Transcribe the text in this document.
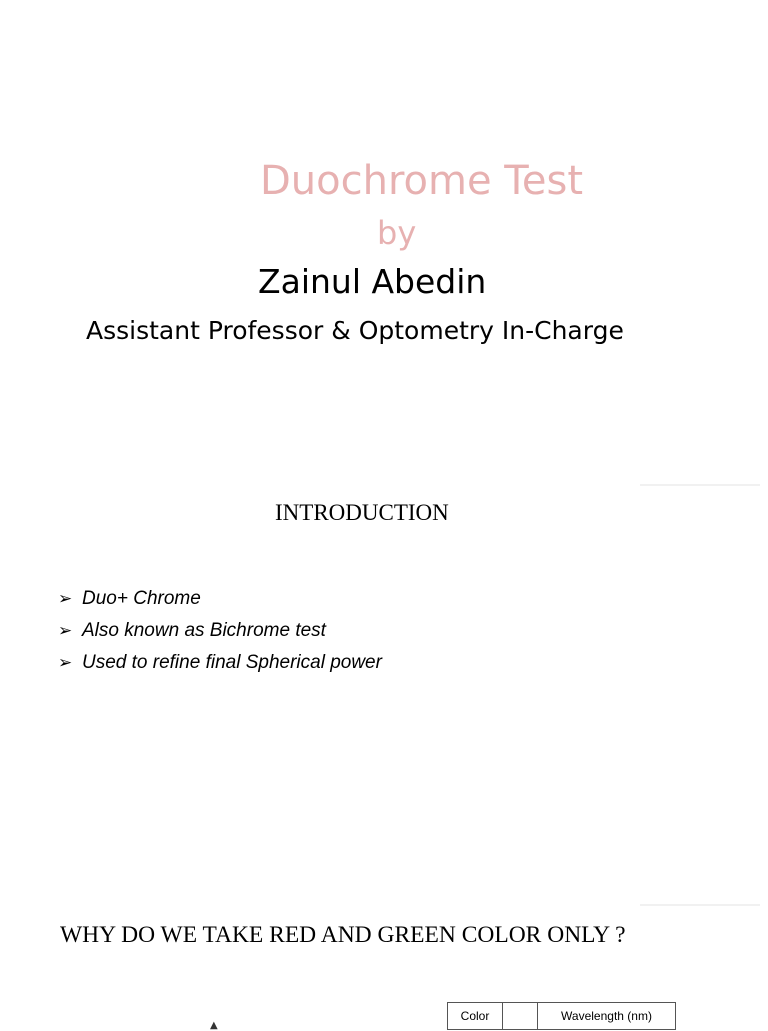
Duochrome Test
by
Zainul Abedin
Assistant Professor & Optometry In-Charge
INTRODUCTION
➢ Duo+ Chrome
➢ Also known as Bichrome test
➢ Used to refine final Spherical power
WHY DO WE TAKE RED AND GREEN COLOR ONLY ?
▲
Color		Wavelength (nm)
